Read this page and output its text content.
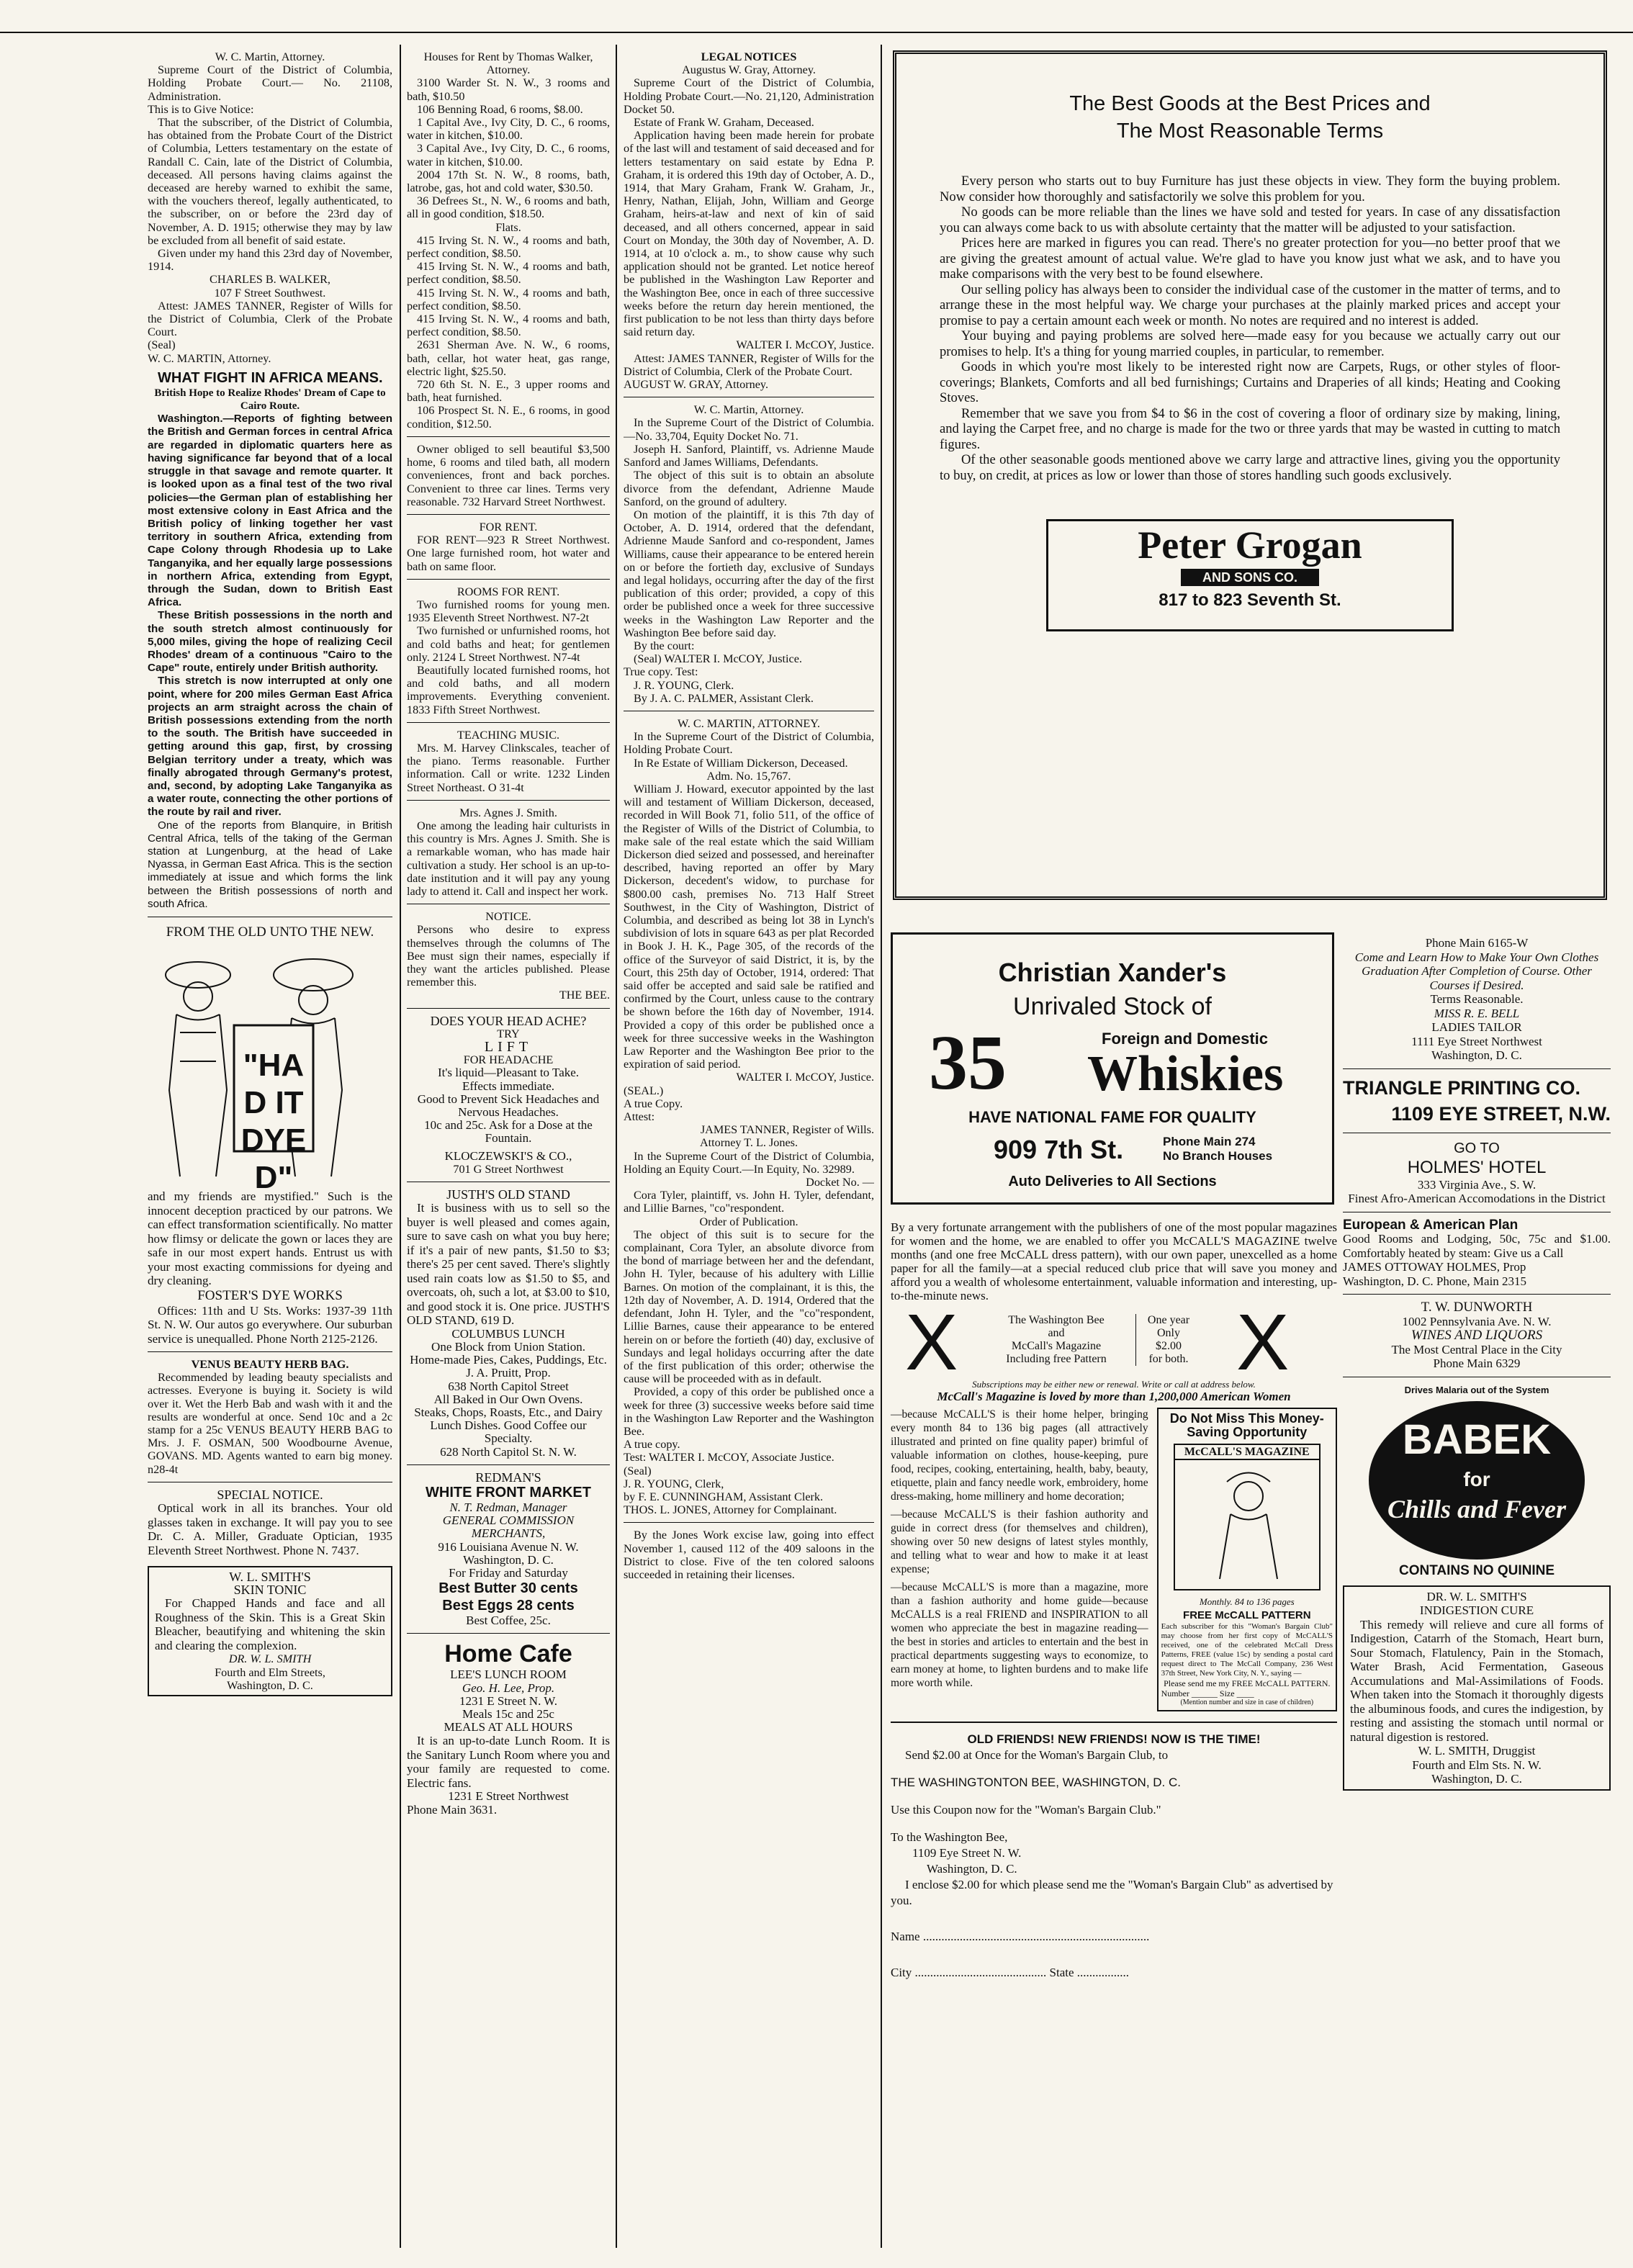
W. C. Martin, Attorney.

Supreme Court of the District of Columbia, Holding Probate Court.— No. 21108, Administration.

This is to Give Notice:

That the subscriber, of the District of Columbia, has obtained from the Probate Court of the District of Columbia, Letters testamentary on the estate of Randall C. Cain, late of the District of Columbia, deceased. All persons having claims against the deceased are hereby warned to exhibit the same, with the vouchers thereof, legally authenticated, to the subscriber, on or before the 23rd day of November, A. D. 1915; otherwise they may by law be excluded from all benefit of said estate.

Given under my hand this 23rd day of November, 1914.

CHARLES B. WALKER,

107 F Street Southwest.

Attest: JAMES TANNER, Register of Wills for the District of Columbia, Clerk of the Probate Court.

(Seal)

W. C. MARTIN, Attorney.

WHAT FIGHT IN AFRICA MEANS.

British Hope to Realize Rhodes' Dream of Cape to Cairo Route.

Washington.—Reports of fighting between the British and German forces in central Africa are regarded in diplomatic quarters here as having significance far beyond that of a local struggle in that savage and remote quarter. It is looked upon as a final test of the two rival policies—the German plan of establishing her most extensive colony in East Africa and the British policy of linking together her vast territory in southern Africa, extending from Cape Colony through Rhodesia up to Lake Tanganyika, and her equally large possessions in northern Africa, extending from Egypt, through the Sudan, down to British East Africa.

These British possessions in the north and the south stretch almost continuously for 5,000 miles, giving the hope of realizing Cecil Rhodes' dream of a continuous "Cairo to the Cape" route, entirely under British authority.

This stretch is now interrupted at only one point, where for 200 miles German East Africa projects an arm straight across the chain of British possessions extending from the north to the south. The British have succeeded in getting around this gap, first, by crossing Belgian territory under a treaty, which was finally abrogated through Germany's protest, and, second, by adopting Lake Tanganyika as a water route, connecting the other portions of the route by rail and river.

One of the reports from Blanquire, in British Central Africa, tells of the taking of the German station at Lungenburg, at the head of Lake Nyassa, in German East Africa. This is the section immediately at issue and which forms the link between the British possessions of north and south Africa.

FROM THE OLD UNTO THE NEW.

"HAD IT DYED"

and my friends are mystified." Such is the innocent deception practiced by our patrons. We can effect transformation scientifically. No matter how flimsy or delicate the gown or laces they are safe in our most expert hands. Entrust us with your most exacting commissions for dyeing and dry cleaning.

FOSTER'S DYE WORKS

Offices: 11th and U Sts. Works: 1937-39 11th St. N. W. Our autos go everywhere. Our suburban service is unequalled. Phone North 2125-2126.

VENUS BEAUTY HERB BAG.

Recommended by leading beauty specialists and actresses. Everyone is buying it. Society is wild over it. Wet the Herb Bab and wash with it and the results are wonderful at once. Send 10c and a 2c stamp for a 25c VENUS BEAUTY HERB BAG to Mrs. J. F. OSMAN, 500 Woodbourne Avenue, GOVANS. MD. Agents wanted to earn big money. n28-4t

SPECIAL NOTICE.

Optical work in all its branches. Your old glasses taken in exchange. It will pay you to see Dr. C. A. Miller, Graduate Optician, 1935 Eleventh Street Northwest. Phone N. 7437.

W. L. SMITH'S

SKIN TONIC

For Chapped Hands and face and all Roughness of the Skin. This is a Great Skin Bleacher, beautifying and whitening the skin and clearing the complexion.

DR. W. L. SMITH

Fourth and Elm Streets,

Washington, D. C.

Houses for Rent by Thomas Walker, Attorney.

3100 Warder St. N. W., 3 rooms and bath, $10.50

106 Benning Road, 6 rooms, $8.00.

1 Capital Ave., Ivy City, D. C., 6 rooms, water in kitchen, $10.00.

3 Capital Ave., Ivy City, D. C., 6 rooms, water in kitchen, $10.00.

2004 17th St. N. W., 8 rooms, bath, latrobe, gas, hot and cold water, $30.50.

36 Defrees St., N. W., 6 rooms and bath, all in good condition, $18.50.

Flats.

415 Irving St. N. W., 4 rooms and bath, perfect condition, $8.50.

415 Irving St. N. W., 4 rooms and bath, perfect condition, $8.50.

415 Irving St. N. W., 4 rooms and bath, perfect condition, $8.50.

415 Irving St. N. W., 4 rooms and bath, perfect condition, $8.50.

2631 Sherman Ave. N. W., 6 rooms, bath, cellar, hot water heat, gas range, electric light, $25.50.

720 6th St. N. E., 3 upper rooms and bath, heat furnished.

106 Prospect St. N. E., 6 rooms, in good condition, $12.50.

Owner obliged to sell beautiful $3,500 home, 6 rooms and tiled bath, all modern conveniences, front and back porches. Convenient to three car lines. Terms very reasonable. 732 Harvard Street Northwest.

FOR RENT.

FOR RENT—923 R Street Northwest. One large furnished room, hot water and bath on same floor.

ROOMS FOR RENT.

Two furnished rooms for young men. 1935 Eleventh Street Northwest. N7-2t

Two furnished or unfurnished rooms, hot and cold baths and heat; for gentlemen only. 2124 L Street Northwest. N7-4t

Beautifully located furnished rooms, hot and cold baths, and all modern improvements. Everything convenient. 1833 Fifth Street Northwest.

TEACHING MUSIC.

Mrs. M. Harvey Clinkscales, teacher of the piano. Terms reasonable. Further information. Call or write. 1232 Linden Street Northeast. O 31-4t

Mrs. Agnes J. Smith.

One among the leading hair culturists in this country is Mrs. Agnes J. Smith. She is a remarkable woman, who has made hair cultivation a study. Her school is an up-to-date institution and it will pay any young lady to attend it. Call and inspect her work.

NOTICE.

Persons who desire to express themselves through the columns of The Bee must sign their names, especially if they want the articles published. Please remember this.

THE BEE.

DOES YOUR HEAD ACHE?

TRY

LIFT

FOR HEADACHE

It's liquid—Pleasant to Take.

Effects immediate.

Good to Prevent Sick Headaches and Nervous Headaches.

10c and 25c. Ask for a Dose at the Fountain.

KLOCZEWSKI'S & CO.,

701 G Street Northwest

JUSTH'S OLD STAND

It is business with us to sell so the buyer is well pleased and comes again, sure to save cash on what you buy here; if it's a pair of new pants, $1.50 to $3; there's 25 per cent saved. There's slightly used rain coats low as $1.50 to $5, and overcoats, oh, such a lot, at $3.00 to $10, and good stock it is. One price. JUSTH'S OLD STAND, 619 D.

COLUMBUS LUNCH

One Block from Union Station.

Home-made Pies, Cakes, Puddings, Etc.

J. A. Pruitt, Prop.

638 North Capitol Street

All Baked in Our Own Ovens.

Steaks, Chops, Roasts, Etc., and Dairy Lunch Dishes. Good Coffee our Specialty.

628 North Capitol St. N. W.

REDMAN'S

WHITE FRONT MARKET

N. T. Redman, Manager

GENERAL COMMISSION

MERCHANTS,

916 Louisiana Avenue N. W.

Washington, D. C.

For Friday and Saturday

Best Butter 30 cents

Best Eggs 28 cents

Best Coffee, 25c.

Home Cafe

LEE'S LUNCH ROOM

Geo. H. Lee, Prop.

1231 E Street N. W.

Meals 15c and 25c

MEALS AT ALL HOURS

It is an up-to-date Lunch Room. It is the Sanitary Lunch Room where you and your family are requested to come. Electric fans.

1231 E Street Northwest

Phone Main 3631.

LEGAL NOTICES

Augustus W. Gray, Attorney.

Supreme Court of the District of Columbia, Holding Probate Court.—No. 21,120, Administration Docket 50.

Estate of Frank W. Graham, Deceased.

Application having been made herein for probate of the last will and testament of said deceased and for letters testamentary on said estate by Edna P. Graham, it is ordered this 19th day of October, A. D., 1914, that Mary Graham, Frank W. Graham, Jr., Henry, Nathan, Elijah, John, William and George Graham, heirs-at-law and next of kin of said deceased, and all others concerned, appear in said Court on Monday, the 30th day of November, A. D. 1914, at 10 o'clock a. m., to show cause why such application should not be granted. Let notice hereof be published in the Washington Law Reporter and the Washington Bee, once in each of three successive weeks before the return day herein mentioned, the first publication to be not less than thirty days before said return day.

WALTER I. McCOY, Justice.

Attest: JAMES TANNER, Register of Wills for the District of Columbia, Clerk of the Probate Court.

AUGUST W. GRAY, Attorney.

W. C. Martin, Attorney.

In the Supreme Court of the District of Columbia.—No. 33,704, Equity Docket No. 71.

Joseph H. Sanford, Plaintiff, vs. Adrienne Maude Sanford and James Williams, Defendants.

The object of this suit is to obtain an absolute divorce from the defendant, Adrienne Maude Sanford, on the ground of adultery.

On motion of the plaintiff, it is this 7th day of October, A. D. 1914, ordered that the defendant, Adrienne Maude Sanford and co-respondent, James Williams, cause their appearance to be entered herein on or before the fortieth day, exclusive of Sundays and legal holidays, occurring after the day of the first publication of this order; provided, a copy of this order be published once a week for three successive weeks in the Washington Law Reporter and the Washington Bee before said day.

By the court:

(Seal) WALTER I. McCOY, Justice.

True copy. Test:

J. R. YOUNG, Clerk.

By J. A. C. PALMER, Assistant Clerk.

W. C. MARTIN, ATTORNEY.

In the Supreme Court of the District of Columbia, Holding Probate Court.

In Re Estate of William Dickerson, Deceased.

Adm. No. 15,767.

William J. Howard, executor appointed by the last will and testament of William Dickerson, deceased, recorded in Will Book 71, folio 511, of the office of the Register of Wills of the District of Columbia, to make sale of the real estate which the said William Dickerson died seized and possessed, and hereinafter described, having reported an offer by Mary Dickerson, decedent's widow, to purchase for $800.00 cash, premises No. 713 Half Street Southwest, in the City of Washington, District of Columbia, and described as being lot 38 in Lynch's subdivision of lots in square 643 as per plat Recorded in Book J. H. K., Page 305, of the records of the office of the Surveyor of said District, it is, by the Court, this 25th day of October, 1914, ordered: That said offer be accepted and said sale be ratified and confirmed by the Court, unless cause to the contrary be shown before the 16th day of November, 1914. Provided a copy of this order be published once a week for three successive weeks in the Washington Law Reporter and the Washington Bee prior to the expiration of said period.

WALTER I. McCOY, Justice.

(SEAL.)

A true Copy.

Attest:

JAMES TANNER, Register of Wills.

Attorney T. L. Jones.

In the Supreme Court of the District of Columbia, Holding an Equity Court.—In Equity, No. 32989.

Docket No. —

Cora Tyler, plaintiff, vs. John H. Tyler, defendant, and Lillie Barnes, "co"respondent.

Order of Publication.

The object of this suit is to secure for the complainant, Cora Tyler, an absolute divorce from the bond of marriage between her and the defendant, John H. Tyler, because of his adultery with Lillie Barnes. On motion of the complainant, it is this, the 12th day of November, A. D. 1914, Ordered that the defendant, John H. Tyler, and the "co"respondent, Lillie Barnes, cause their appearance to be entered herein on or before the fortieth (40) day, exclusive of Sundays and legal holidays occurring after the date of the first publication of this order; otherwise the cause will be proceeded with as in default.

Provided, a copy of this order be published once a week for three (3) successive weeks before said time in the Washington Law Reporter and the Washington Bee.

A true copy.

Test: WALTER I. McCOY, Associate Justice.

(Seal)

J. R. YOUNG, Clerk,

by F. E. CUNNINGHAM, Assistant Clerk.

THOS. L. JONES, Attorney for Complainant.

By the Jones Work excise law, going into effect November 1, caused 112 of the 409 saloons in the District to close. Five of the ten colored saloons succeeded in retaining their licenses.

The Best Goods at the Best Prices and
The Most Reasonable Terms

Every person who starts out to buy Furniture has just these objects in view. They form the buying problem. Now consider how thoroughly and satisfactorily we solve this problem for you.

No goods can be more reliable than the lines we have sold and tested for years. In case of any dissatisfaction you can always come back to us with absolute certainty that the matter will be adjusted to your satisfaction.

Prices here are marked in figures you can read. There's no greater protection for you—no better proof that we are giving the greatest amount of actual value. We're glad to have you know just what we ask, and to have you make comparisons with the very best to be found elsewhere.

Our selling policy has always been to consider the individual case of the customer in the matter of terms, and to arrange these in the most helpful way. We charge your purchases at the plainly marked prices and accept your promise to pay a certain amount each week or month. No notes are required and no interest is added.

Your buying and paying problems are solved here—made easy for you because we actually carry out our promises to help. It's a thing for young married couples, in particular, to remember.

Goods in which you're most likely to be interested right now are Carpets, Rugs, or other styles of floor-coverings; Blankets, Comforts and all bed furnishings; Curtains and Draperies of all kinds; Heating and Cooking Stoves.

Remember that we save you from $4 to $6 in the cost of covering a floor of ordinary size by making, lining, and laying the Carpet free, and no charge is made for the two or three yards that may be wasted in cutting to match figures.

Of the other seasonable goods mentioned above we carry large and attractive lines, giving you the opportunity to buy, on credit, at prices as low or lower than those of stores handling such goods exclusively.

Peter Grogan
AND SONS CO.
817 to 823 Seventh St.
Christian Xander's
Unrivaled Stock of
35	Foreign and Domestic
Whiskies
HAVE NATIONAL FAME FOR QUALITY
909 7th St.	Phone Main 274
No Branch Houses
Auto Deliveries to All Sections

By a very fortunate arrangement with the publishers of one of the most popular magazines for women and the home, we are enabled to offer you McCALL'S MAGAZINE twelve months (and one free McCALL dress pattern), with our own paper, unexcelled as a home paper for all the family—at a special reduced club price that will save you money and afford you a wealth of wholesome entertainment, valuable information and interesting, up-to-the-minute news.

X	The Washington Bee
and
McCall's Magazine
Including free Pattern
One year
Only
$2.00
for both. X

Subscriptions may be either new or renewal. Write or call at address below.

McCall's Magazine is loved by more than 1,200,000 American Women

—because McCALL'S is their home helper, bringing every month 84 to 136 big pages (all attractively illustrated and printed on fine quality paper) brimful of valuable information on clothes, house-keeping, pure food, recipes, cooking, entertaining, health, baby, beauty, etiquette, plain and fancy needle work, embroidery, home dress-making, home millinery and home decoration;

—because McCALL'S is their fashion authority and guide in correct dress (for themselves and children), showing over 50 new designs of latest styles monthly, and telling what to wear and how to make it at least expense;

—because McCALL'S is more than a magazine, more than a fashion authority and home guide—because McCALLS is a real FRIEND and INSPIRATION to all women who appreciate the best in magazine reading—the best in stories and articles to entertain and the best in practical departments suggesting ways to economize, to earn money at home, to lighten burdens and to make life more worth while.

Do Not Miss This Money-
Saving Opportunity
McCALL'S MAGAZINE
Monthly. 84 to 136 pages
FREE McCALL PATTERN
Each subscriber for this "Woman's Bargain Club" may choose from her first copy of McCALL'S received, one of the celebrated McCall Dress Patterns, FREE (value 15c) by sending a postal card request direct to The McCall Company, 236 West 37th Street, New York City, N. Y., saying —
Please send me my FREE McCALL PATTERN.
Number ______ Size ____
(Mention number and size in case of children)

OLD FRIENDS! NEW FRIENDS! NOW IS THE TIME!

Send $2.00 at Once for the Woman's Bargain Club, to

THE WASHINGTONTON BEE, WASHINGTON, D. C.

Use this Coupon now for the "Woman's Bargain Club."

To the Washington Bee,

1109 Eye Street N. W.

Washington, D. C.

I enclose $2.00 for which please send me the "Woman's Bargain Club" as advertised by you.

Name ..........................................................................

City ........................................... State .................

Phone Main 6165-W

Come and Learn How to Make Your Own Clothes

Graduation After Completion of Course. Other Courses if Desired.

Terms Reasonable.

MISS R. E. BELL

LADIES TAILOR

1111 Eye Street Northwest

Washington, D. C.

TRIANGLE PRINTING CO.

1109 EYE STREET, N.W.

GO TO

HOLMES' HOTEL

333 Virginia Ave., S. W.

Finest Afro-American Accomodations in the District

European & American Plan

Good Rooms and Lodging, 50c, 75c and $1.00. Comfortably heated by steam: Give us a Call

JAMES OTTOWAY HOLMES, Prop

Washington, D. C. Phone, Main 2315

T. W. DUNWORTH

1002 Pennsylvania Ave. N. W.

WINES AND LIQUORS

The Most Central Place in the City

Phone Main 6329

Drives Malaria out of the System

BABEK
for
Chills and Fever

CONTAINS NO QUININE

DR. W. L. SMITH'S

INDIGESTION CURE

This remedy will relieve and cure all forms of Indigestion, Catarrh of the Stomach, Heart burn, Sour Stomach, Flatulency, Pain in the Stomach, Water Brash, Acid Fermentation, Gaseous Accumulations and Mal-Assimilations of Foods. When taken into the Stomach it thoroughly digests the albuminous foods, and cures the indigestion, by resting and assisting the stomach until normal or natural digestion is restored.

W. L. SMITH, Druggist

Fourth and Elm Sts. N. W.

Washington, D. C.
